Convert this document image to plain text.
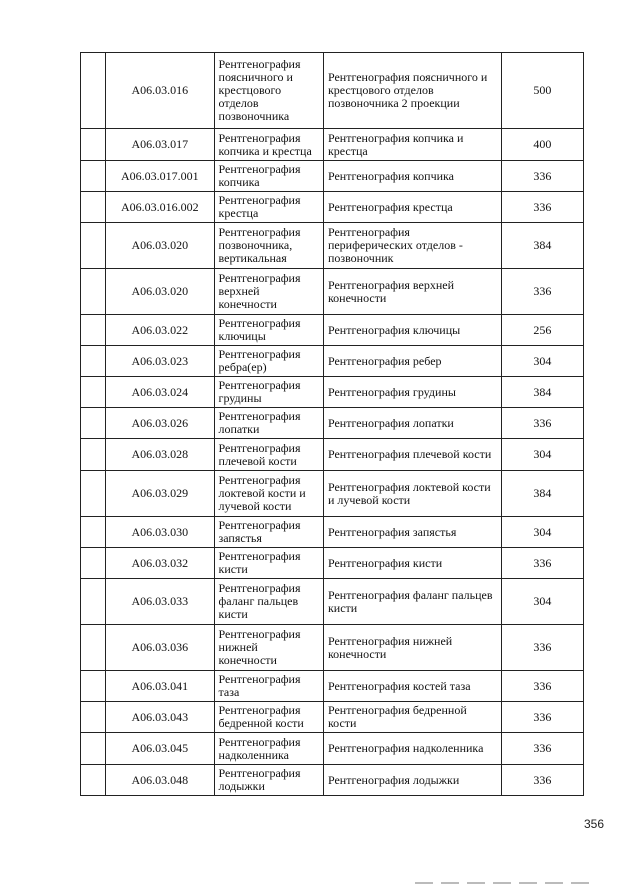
	A06.03.016	Рентгенография поясничного и крестцового отделов позвоночника	Рентгенография поясничного и крестцового отделов позвоночника 2 проекции	500
	A06.03.017	Рентгенография копчика и крестца	Рентгенография копчика и крестца	400
	A06.03.017.001	Рентгенография копчика	Рентгенография копчика	336
	A06.03.016.002	Рентгенография крестца	Рентгенография крестца	336
	A06.03.020	Рентгенография позвоночника, вертикальная	Рентгенография периферических отделов - позвоночник	384
	A06.03.020	Рентгенография верхней конечности	Рентгенография верхней конечности	336
	A06.03.022	Рентгенография ключицы	Рентгенография ключицы	256
	A06.03.023	Рентгенография ребра(ер)	Рентгенография ребер	304
	A06.03.024	Рентгенография грудины	Рентгенография грудины	384
	A06.03.026	Рентгенография лопатки	Рентгенография лопатки	336
	A06.03.028	Рентгенография плечевой кости	Рентгенография плечевой кости	304
	A06.03.029	Рентгенография локтевой кости и лучевой кости	Рентгенография локтевой кости и лучевой кости	384
	A06.03.030	Рентгенография запястья	Рентгенография запястья	304
	A06.03.032	Рентгенография кисти	Рентгенография кисти	336
	A06.03.033	Рентгенография фаланг пальцев кисти	Рентгенография фаланг пальцев кисти	304
	A06.03.036	Рентгенография нижней конечности	Рентгенография нижней конечности	336
	A06.03.041	Рентгенография таза	Рентгенография костей таза	336
	A06.03.043	Рентгенография бедренной кости	Рентгенография бедренной кости	336
	A06.03.045	Рентгенография надколенника	Рентгенография надколенника	336
	A06.03.048	Рентгенография лодыжки	Рентгенография лодыжки	336
356
